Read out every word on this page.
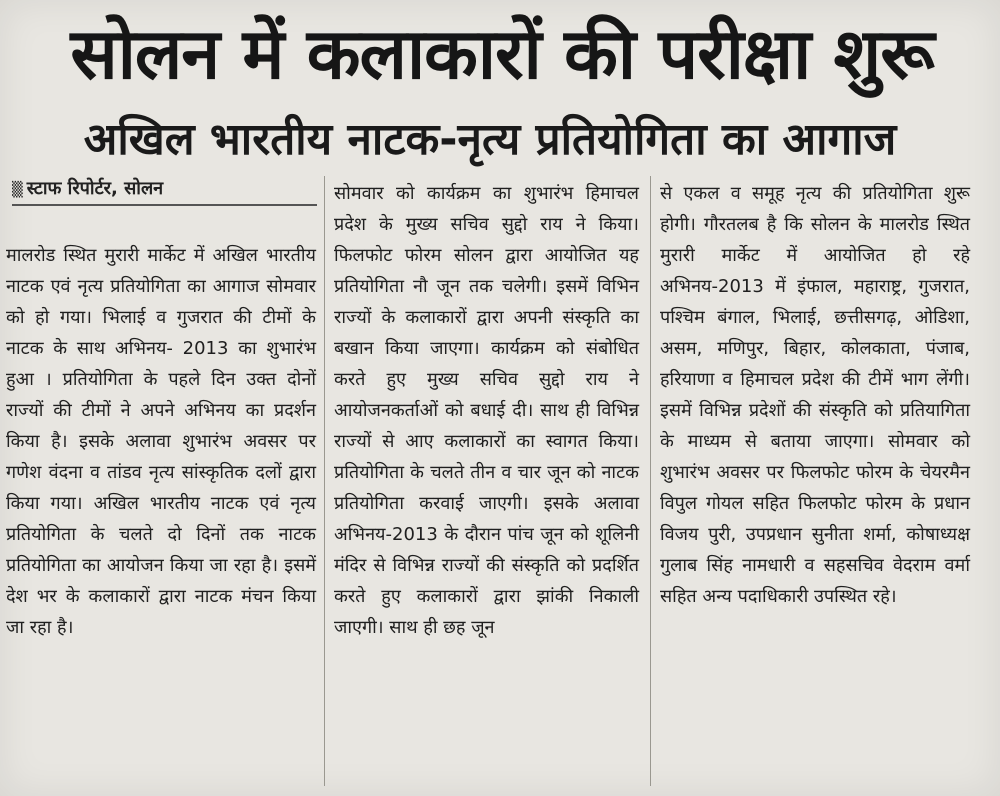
सोलन में कलाकारों की परीक्षा शुरू
अखिल भारतीय नाटक-नृत्य प्रतियोगिता का आगाज
▒ स्टाफ रिपोर्टर, सोलन

मालरोड स्थित मुरारी मार्केट में अखिल भारतीय नाटक एवं नृत्य प्रतियोगिता का आगाज सोमवार को हो गया। भिलाई व गुजरात की टीमों के नाटक के साथ अभिनय- 2013 का शुभारंभ हुआ । प्रतियोगिता के पहले दिन उक्त दोनों राज्यों की टीमों ने अपने अभिनय का प्रदर्शन किया है। इसके अलावा शुभारंभ अवसर पर गणेश वंदना व तांडव नृत्य सांस्कृतिक दलों द्वारा किया गया। अखिल भारतीय नाटक एवं नृत्य प्रतियोगिता के चलते दो दिनों तक नाटक प्रतियोगिता का आयोजन किया जा रहा है। इसमें देश भर के कलाकारों द्वारा नाटक मंचन किया जा रहा है।

सोमवार को कार्यक्रम का शुभारंभ हिमाचल प्रदेश के मुख्य सचिव सुद्दो राय ने किया। फिलफोट फोरम सोलन द्वारा आयोजित यह प्रतियोगिता नौ जून तक चलेगी। इसमें विभिन राज्यों के कलाकारों द्वारा अपनी संस्कृति का बखान किया जाएगा। कार्यक्रम को संबोधित करते हुए मुख्य सचिव सुद्दो राय ने आयोजनकर्ताओं को बधाई दी। साथ ही विभिन्न राज्यों से आए कलाकारों का स्वागत किया। प्रतियोगिता के चलते तीन व चार जून को नाटक प्रतियोगिता करवाई जाएगी। इसके अलावा अभिनय-2013 के दौरान पांच जून को शूलिनी मंदिर से विभिन्न राज्यों की संस्कृति को प्रदर्शित करते हुए कलाकारों द्वारा झांकी निकाली जाएगी। साथ ही छह जून

से एकल व समूह नृत्य की प्रतियोगिता शुरू होगी। गौरतलब है कि सोलन के मालरोड स्थित मुरारी मार्केट में आयोजित हो रहे अभिनय-2013 में इंफाल, महाराष्ट्र, गुजरात, पश्चिम बंगाल, भिलाई, छत्तीसगढ़, ओडिशा, असम, मणिपुर, बिहार, कोलकाता, पंजाब, हरियाणा व हिमाचल प्रदेश की टीमें भाग लेंगी। इसमें विभिन्न प्रदेशों की संस्कृति को प्रतियागिता के माध्यम से बताया जाएगा। सोमवार को शुभारंभ अवसर पर फिलफोट फोरम के चेयरमैन विपुल गोयल सहित फिलफोट फोरम के प्रधान विजय पुरी, उपप्रधान सुनीता शर्मा, कोषाध्यक्ष गुलाब सिंह नामधारी व सहसचिव वेदराम वर्मा सहित अन्य पदाधिकारी उपस्थित रहे।
